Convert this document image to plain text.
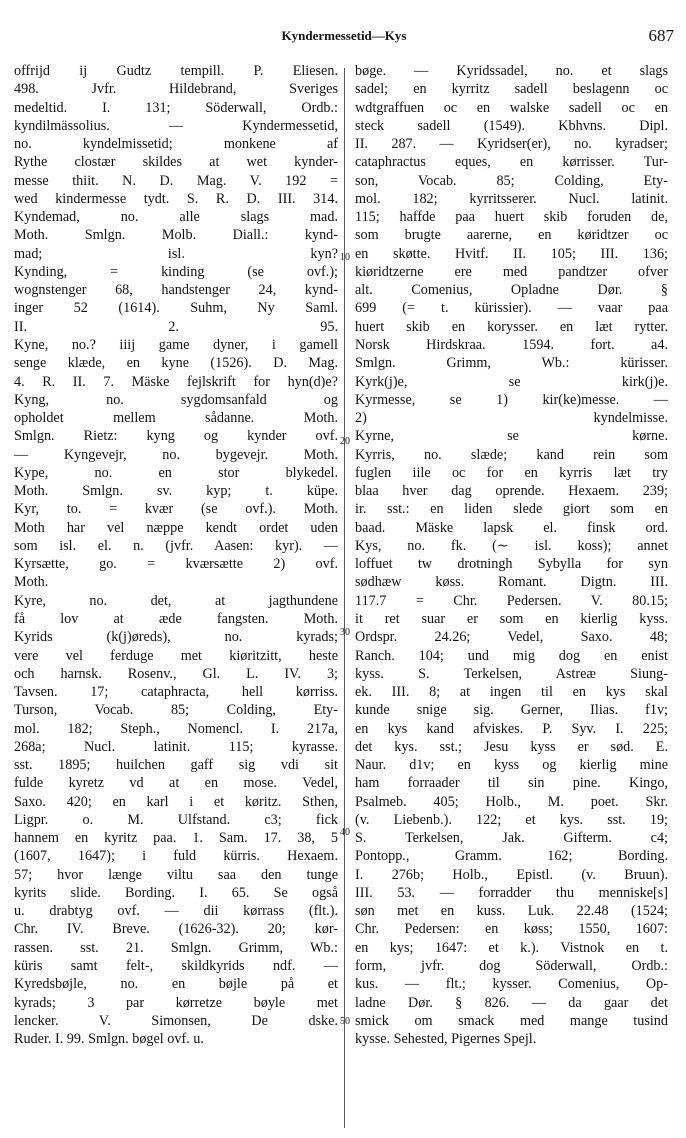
Kyndermessetid—Kys	687
offrijd ij Gudtz tempill. P. Eliesen.
498. Jvfr. Hildebrand, Sveriges
medeltid. I. 131; Söderwall, Ordb.:
kyndilmässolius. — Kyndermessetid,
no. kyndelmissetid; monkene af
Rythe clostær skildes at wet kynder-
messe thiit. N. D. Mag. V. 192 =
wed kindermesse tydt. S. R. D. III. 314.
Kyndemad, no. alle slags mad.
Moth. Smlgn. Molb. Diall.: kynd-
mad; isl. kyn?
Kynding, = kinding (se ovf.);
wognstenger 68, handstenger 24, kynd-
inger 52 (1614). Suhm, Ny Saml.
II. 2. 95.
Kyne, no.? iiij game dyner, i gamell
senge klæde, en kyne (1526). D. Mag.
4. R. II. 7. Mäske fejlskrift for hyn(d)e?
Kyng, no. sygdomsanfald og
opholdet mellem sådanne. Moth.
Smlgn. Rietz: kyng og kynder ovf.
— Kyngevejr, no. bygevejr. Moth.
Kype, no. en stor blykedel.
Moth. Smlgn. sv. kyp; t. küpe.
Kyr, to. = kvær (se ovf.). Moth.
Moth har vel næppe kendt ordet uden
som isl. el. n. (jvfr. Aasen: kyr). —
Kyrsætte, go. = kværsætte 2) ovf.
Moth.
Kyre, no. det, at jagthundene
få lov at æde fangsten. Moth.
Kyrids (k(j)øreds), no. kyrads;
vere vel ferduge met kiøritzitt, heste
och harnsk. Rosenv., Gl. L. IV. 3;
Tavsen. 17; cataphracta, hell kørriss.
Turson, Vocab. 85; Colding, Ety-
mol. 182; Steph., Nomencl. I. 217a,
268a; Nucl. latinit. 115; kyrasse.
sst. 1895; huilchen gaff sig vdi sit
fulde kyretz vd at en mose. Vedel,
Saxo. 420; en karl i et køritz. Sthen,
Ligpr. o. M. Ulfstand. c3; fick
hannem en kyritz paa. 1. Sam. 17. 38, 5
(1607, 1647); i fuld kürris. Hexaem.
57; hvor længe viltu saa den tunge
kyrits slide. Bording. I. 65. Se også
u. drabtyg ovf. — dii kørrass (flt.).
Chr. IV. Breve. (1626-32). 20; kør-
rassen. sst. 21. Smlgn. Grimm, Wb.:
küris samt felt-, skildkyrids ndf. —
Kyredsbøjle, no. en bøjle på et
kyrads; 3 par kørretze bøyle met
lencker. V. Simonsen, De dske.
Ruder. I. 99. Smlgn. bøgel ovf. u.
bøge. — Kyridssadel, no. et slags
sadel; en kyrritz sadell beslagenn oc
wdtgraffuen oc en walske sadell oc en
steck sadell (1549). Kbhvns. Dipl.
II. 287. — Kyridser(er), no. kyradser;
cataphractus eques, en kørrisser. Tur-
son, Vocab. 85; Colding, Ety-
mol. 182; kyrritsserer. Nucl. latinit.
115; haffde paa huert skib foruden de,
som brugte aarerne, en køridtzer oc
en skøtte. Hvitf. II. 105; III. 136;
kiøridtzerne ere med pandtzer ofver
alt. Comenius, Opladne Dør. §
699 (= t. kürissier). — vaar paa
huert skib en korysser. en læt rytter.
Norsk Hirdskraa. 1594. fort. a4.
Smlgn. Grimm, Wb.: kürisser.
Kyrk(j)e, se kirk(j)e.
Kyrmesse, se 1) kir(ke)messe. —
2) kyndelmisse.
Kyrne, se kørne.
Kyrris, no. slæde; kand rein som
fuglen iile oc for en kyrris læt try
blaa hver dag oprende. Hexaem. 239;
ir. sst.: en liden slede giort som en
baad. Mäske lapsk el. finsk ord.
Kys, no. fk. (∼ isl. koss); annet
loffuet tw drotningh Sybylla for syn
sødhæw køss. Romant. Digtn. III.
117.7 = Chr. Pedersen. V. 80.15;
it ret suar er som en kierlig kyss.
Ordspr. 24.26; Vedel, Saxo. 48;
Ranch. 104; und mig dog en enist
kyss. S. Terkelsen, Astreæ Siung-
ek. III. 8; at ingen til en kys skal
kunde snige sig. Gerner, Ilias. f1v;
en kys kand afviskes. P. Syv. I. 225;
det kys. sst.; Jesu kyss er sød. E.
Naur. d1v; en kyss og kierlig mine
ham forraader til sin pine. Kingo,
Psalmeb. 405; Holb., M. poet. Skr.
(v. Liebenb.). 122; et kys. sst. 19;
S. Terkelsen, Jak. Gifterm. c4;
Pontopp., Gramm. 162; Bording.
I. 276b; Holb., Epistl. (v. Bruun).
III. 53. — forradder thu menniske[s]
søn met en kuss. Luk. 22.48 (1524;
Chr. Pedersen: en køss; 1550, 1607:
en kys; 1647: et k.). Vistnok en t.
form, jvfr. dog Söderwall, Ordb.:
kus. — flt.; kysser. Comenius, Op-
ladne Dør. § 826. — da gaar det
smick om smack med mange tusind
kysse. Sehested, Pigernes Spejl.
10
20
30
40
50
